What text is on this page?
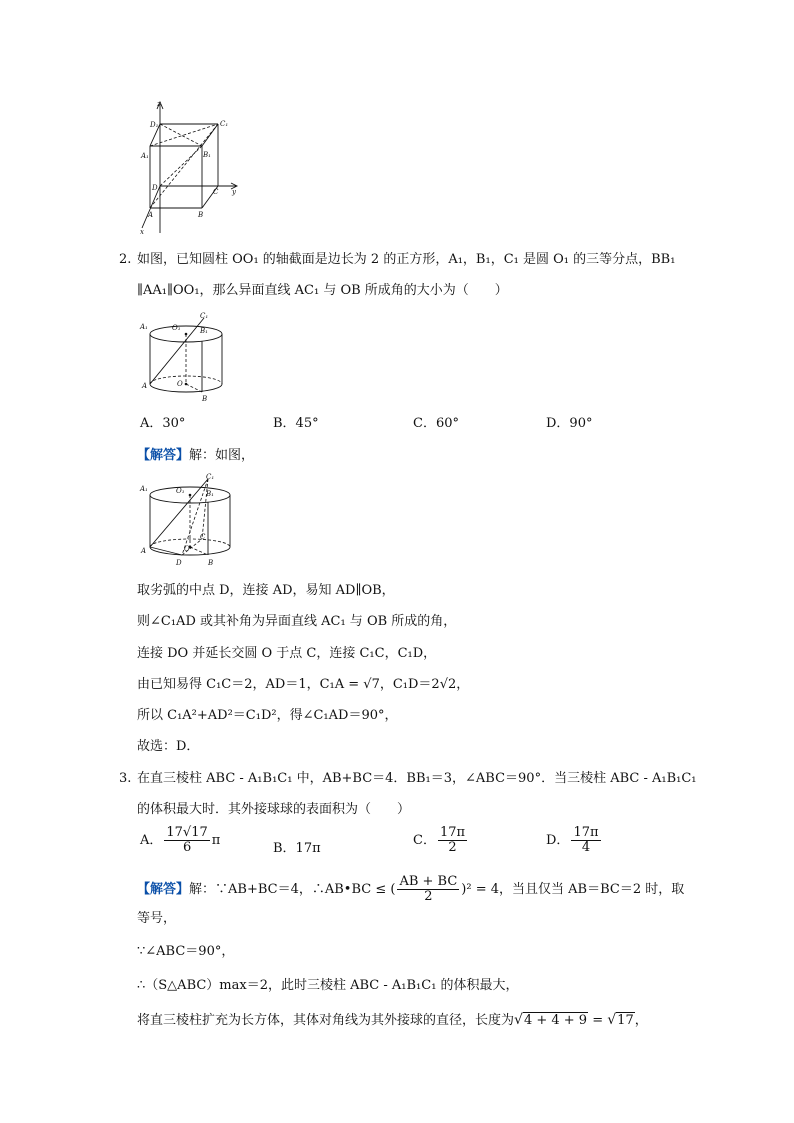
z
D₁	C₁
A₁	B₁
D	C y
A	B
x
2. 如图，已知圆柱 OO₁ 的轴截面是边长为 2 的正方形，A₁，B₁，C₁ 是圆 O₁ 的三等分点，BB₁
∥AA₁∥OO₁，那么异面直线 AC₁ 与 OB 所成角的大小为（　　）
A₁	O₁
C₁
B₁
A	O
B
A．30°	B．45°	C．60°	D．90°
【解答】解：如图，
A₁	O₁
C₁
B₁
C
A	O
D	B
取劣弧的中点 D，连接 AD，易知 AD∥OB，
则∠C₁AD 或其补角为异面直线 AC₁ 与 OB 所成的角，
连接 DO 并延长交圆 O 于点 C，连接 C₁C，C₁D，
由已知易得 C₁C＝2，AD＝1，C₁A = √7，C₁D＝2√2，
所以 C₁A²+AD²＝C₁D²，得∠C₁AD＝90°，
故选：D．
3. 在直三棱柱 ABC - A₁B₁C₁ 中，AB+BC＝4．BB₁＝3，∠ABC＝90°．当三棱柱 ABC - A₁B₁C₁
的体积最大时．其外接球球的表面积为（　　）
A． $\frac{17√17}{6}$ π
B．17π
C． $\frac{17\pi}{2}$	D． $\frac{17\pi}{4}$
【解答】解：∵AB+BC＝4，∴AB•BC ≤ ( $\frac{AB + BC}{2} )^2 = 4$，当且仅当 AB＝BC＝2 时，取
等号，
∵∠ABC＝90°，
∴（S△ABC）max＝2，此时三棱柱 ABC - A₁B₁C₁ 的体积最大，
将直三棱柱扩充为长方体，其体对角线为其外接球的直径，长度为√4 + 4 + 9 = √17，
